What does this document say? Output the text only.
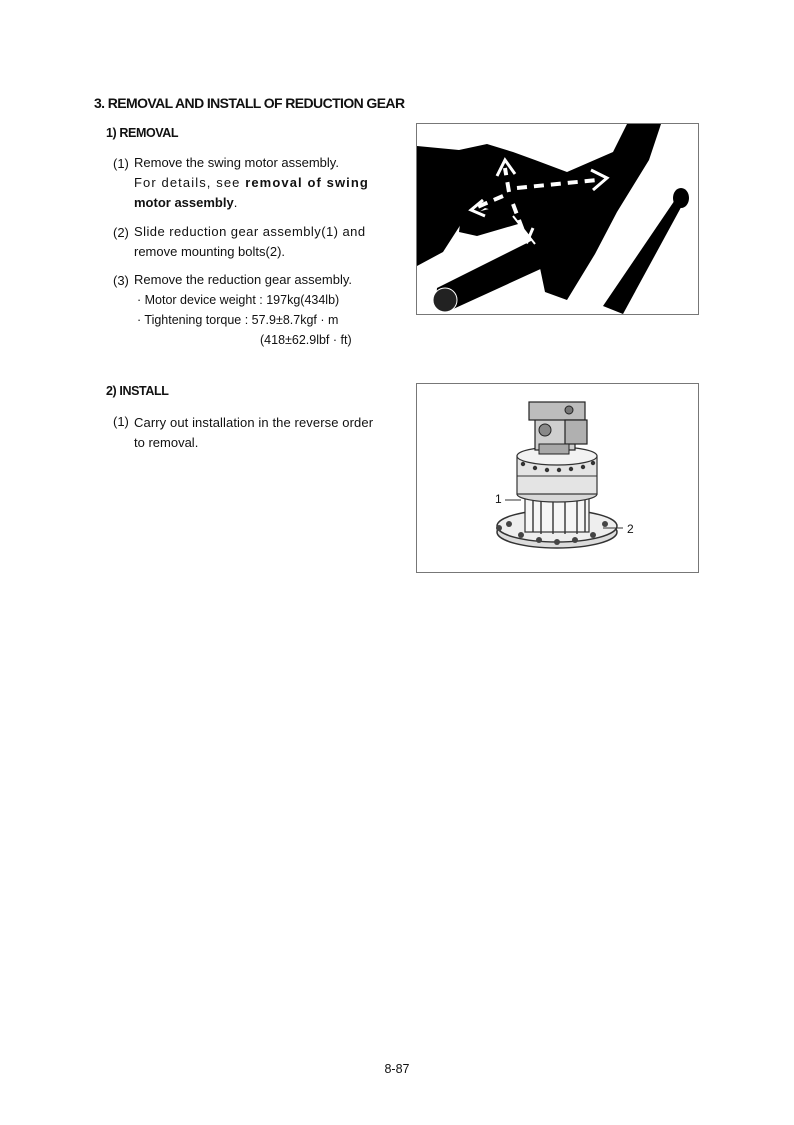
3. REMOVAL AND INSTALL OF REDUCTION GEAR
1) REMOVAL
(1) Remove the swing motor assembly.
For details, see removal of swing
motor assembly.
(2) Slide reduction gear assembly(1) and
remove mounting bolts(2).
(3) Remove the reduction gear assembly.
· Motor device weight : 197kg(434lb)
· Tightening torque : 57.9±8.7kgf · m
(418±62.9lbf · ft)
2) INSTALL
(1) Carry out installation in the reverse order
to removal.
1
2
8-87
